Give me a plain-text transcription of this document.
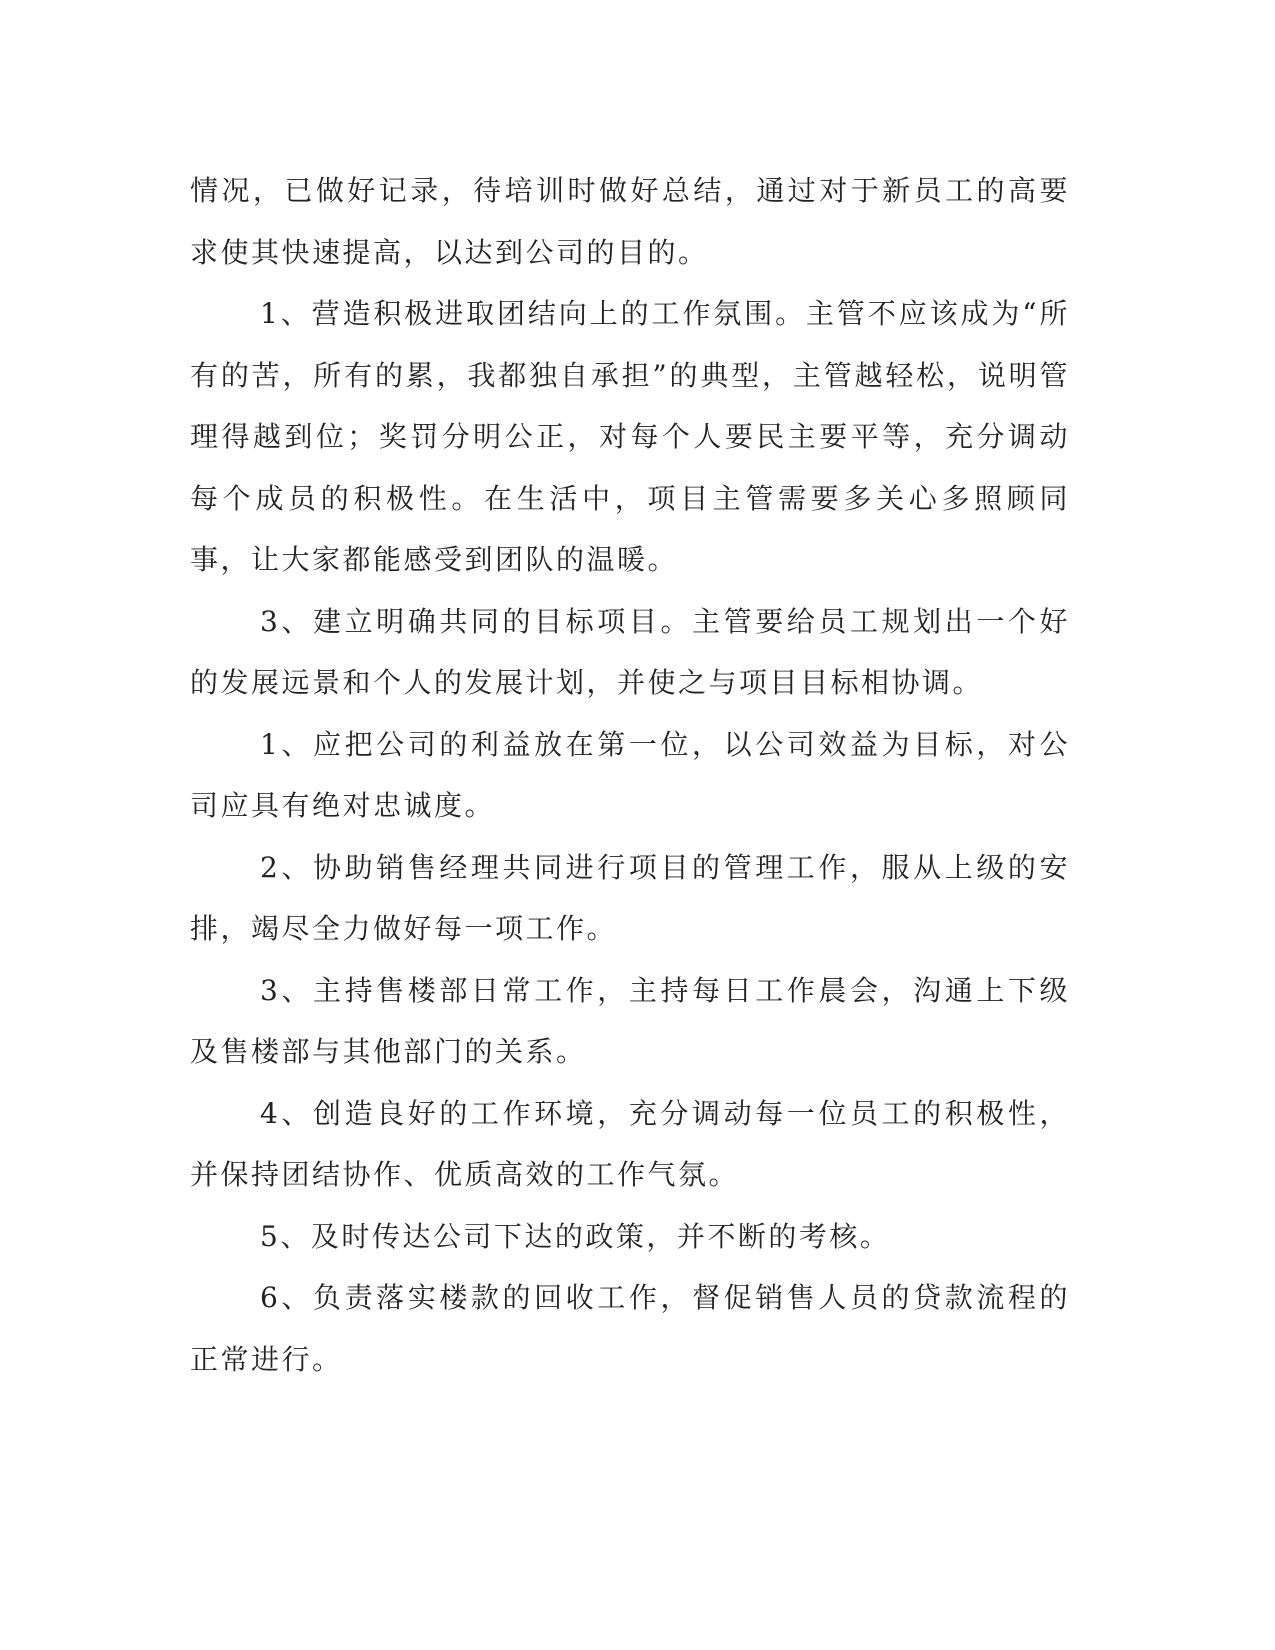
情况，已做好记录，待培训时做好总结，通过对于新员工的高要求使其快速提高，以达到公司的目的。

1、营造积极进取团结向上的工作氛围。主管不应该成为“所有的苦，所有的累，我都独自承担”的典型，主管越轻松，说明管理得越到位；奖罚分明公正，对每个人要民主要平等，充分调动每个成员的积极性。在生活中，项目主管需要多关心多照顾同事，让大家都能感受到团队的温暖。

3、建立明确共同的目标项目。主管要给员工规划出一个好的发展远景和个人的发展计划，并使之与项目目标相协调。

1、应把公司的利益放在第一位，以公司效益为目标，对公司应具有绝对忠诚度。

2、协助销售经理共同进行项目的管理工作，服从上级的安排，竭尽全力做好每一项工作。

3、主持售楼部日常工作，主持每日工作晨会，沟通上下级及售楼部与其他部门的关系。

4、创造良好的工作环境，充分调动每一位员工的积极性，并保持团结协作、优质高效的工作气氛。

5、及时传达公司下达的政策，并不断的考核。

6、负责落实楼款的回收工作，督促销售人员的贷款流程的正常进行。
